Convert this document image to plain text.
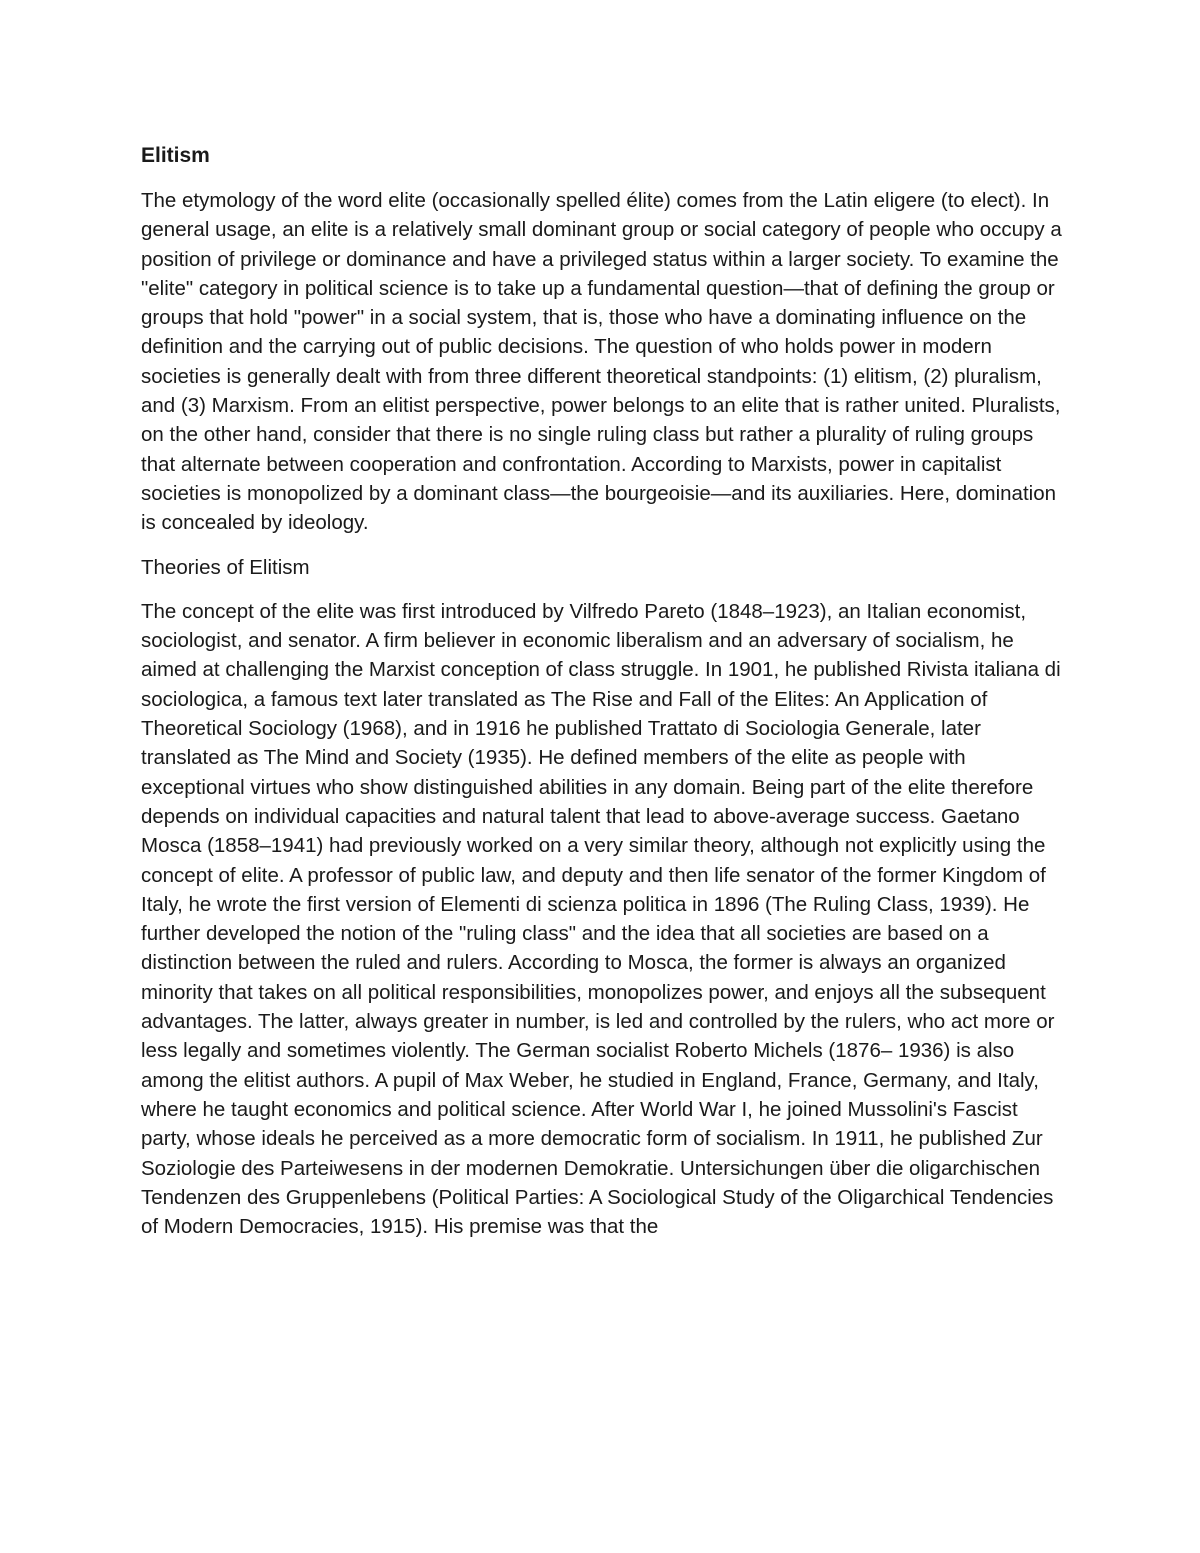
Elitism

The etymology of the word elite (occasionally spelled élite) comes from the Latin eligere (to elect). In general usage, an elite is a relatively small dominant group or social category of people who occupy a position of privilege or dominance and have a privileged status within a larger society. To examine the "elite" category in political science is to take up a fundamental question—that of defining the group or groups that hold "power" in a social system, that is, those who have a dominating influence on the definition and the carrying out of public decisions. The question of who holds power in modern societies is generally dealt with from three different theoretical standpoints: (1) elitism, (2) pluralism, and (3) Marxism. From an elitist perspective, power belongs to an elite that is rather united. Pluralists, on the other hand, consider that there is no single ruling class but rather a plurality of ruling groups that alternate between cooperation and confrontation. According to Marxists, power in capitalist societies is monopolized by a dominant class—the bourgeoisie—and its auxiliaries. Here, domination is concealed by ideology.

Theories of Elitism

The concept of the elite was first introduced by Vilfredo Pareto (1848–1923), an Italian economist, sociologist, and senator. A firm believer in economic liberalism and an adversary of socialism, he aimed at challenging the Marxist conception of class struggle. In 1901, he published Rivista italiana di sociologica, a famous text later translated as The Rise and Fall of the Elites: An Application of Theoretical Sociology (1968), and in 1916 he published Trattato di Sociologia Generale, later translated as The Mind and Society (1935). He defined members of the elite as people with exceptional virtues who show distinguished abilities in any domain. Being part of the elite therefore depends on individual capacities and natural talent that lead to above-average success. Gaetano Mosca (1858–1941) had previously worked on a very similar theory, although not explicitly using the concept of elite. A professor of public law, and deputy and then life senator of the former Kingdom of Italy, he wrote the first version of Elementi di scienza politica in 1896 (The Ruling Class, 1939). He further developed the notion of the "ruling class" and the idea that all societies are based on a distinction between the ruled and rulers. According to Mosca, the former is always an organized minority that takes on all political responsibilities, monopolizes power, and enjoys all the subsequent advantages. The latter, always greater in number, is led and controlled by the rulers, who act more or less legally and sometimes violently. The German socialist Roberto Michels (1876– 1936) is also among the elitist authors. A pupil of Max Weber, he studied in England, France, Germany, and Italy, where he taught economics and political science. After World War I, he joined Mussolini's Fascist party, whose ideals he perceived as a more democratic form of socialism. In 1911, he published Zur Soziologie des Parteiwesens in der modernen Demokratie. Untersichungen über die oligarchischen Tendenzen des Gruppenlebens (Political Parties: A Sociological Study of the Oligarchical Tendencies of Modern Democracies, 1915). His premise was that the
